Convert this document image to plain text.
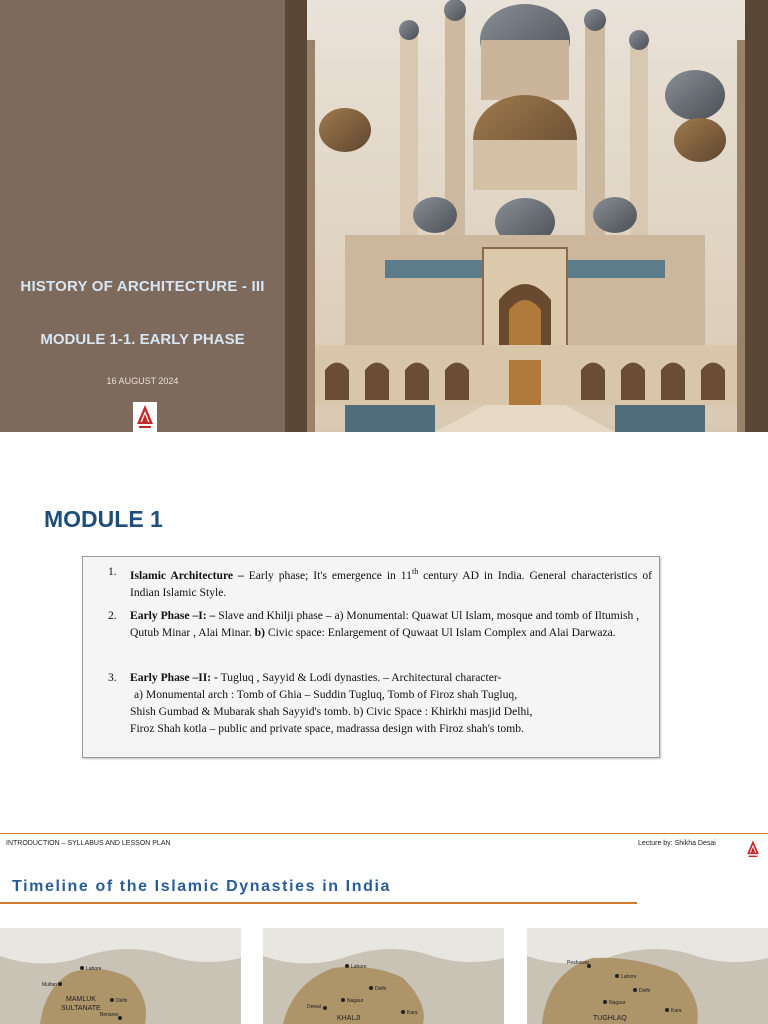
HISTORY OF ARCHITECTURE - III
MODULE 1-1. EARLY PHASE
16 AUGUST 2024
MODULE 1
1.	Islamic Architecture – Early phase; It's emergence in 11th century AD in India. General characteristics of Indian Islamic Style.
2.	Early Phase –I: – Slave and Khilji phase – a) Monumental: Quawat Ul Islam, mosque and tomb of Iltumish , Qutub Minar , Alai Minar. b) Civic space: Enlargement of Quwaat Ul Islam Complex and Alai Darwaza.
3.	Early Phase –II: - Tugluq , Sayyid & Lodi dynasties. – Architectural character-
a) Monumental arch : Tomb of Ghia – Suddin Tugluq, Tomb of Firoz shah Tugluq,
Shish Gumbad & Mubarak shah Sayyid's tomb. b) Civic Space : Khirkhi masjid Delhi,
Firoz Shah kotla – public and private space, madrassa design with Firoz shah's tomb.
INTRODUCTION – SYLLABUS AND LESSON PLAN	Lecture by: Shikha Desai
Timeline of the Islamic Dynasties in India
Lahore
Multan
Delhi
Benares
MAMLUK
SULTANATE
Lahore
Delhi
Nagaur
Dewal
Kara
KHALJI
Peshawar
Lahore
Delhi
Nagaur
Kara
TUGHLAQ
